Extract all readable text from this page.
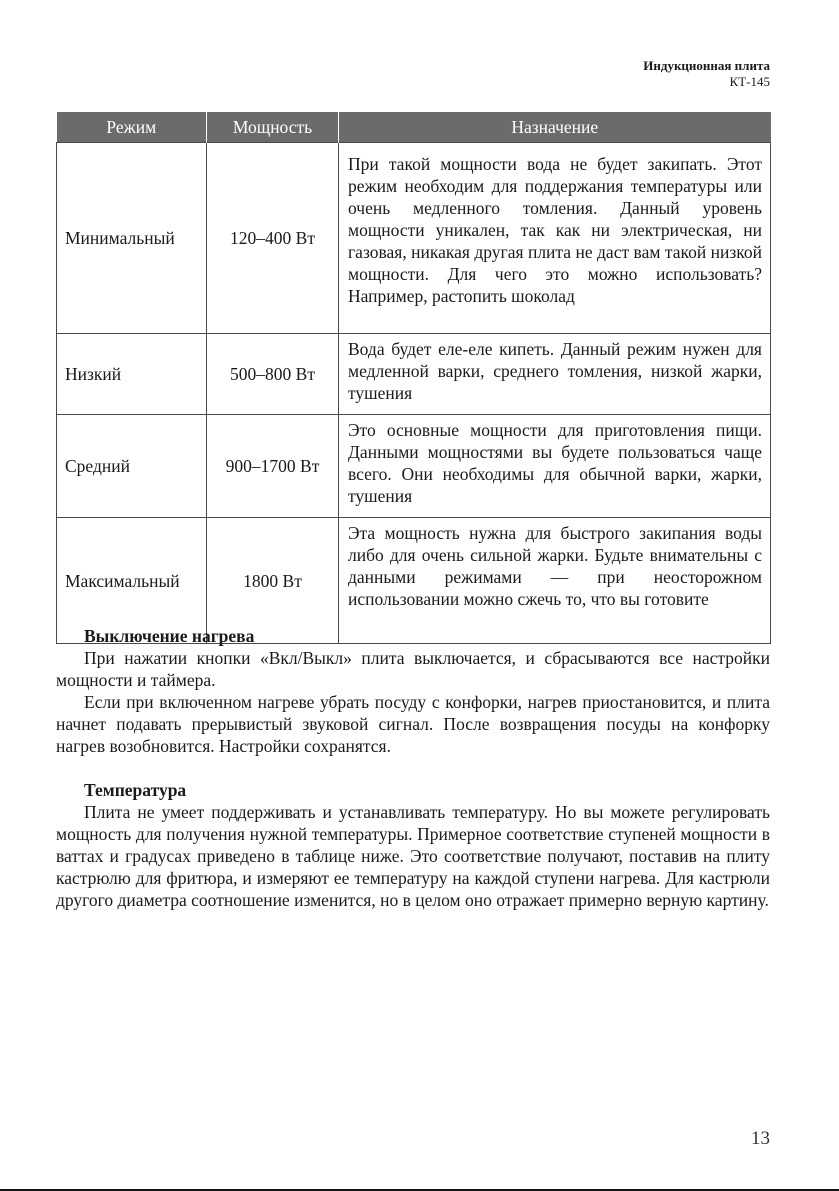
Индукционная плита
КТ-145
Режим	Мощность	Назначение
Минимальный	120–400 Вт	При такой мощности вода не будет закипать. Этот режим необходим для поддержания температуры или очень медленного томления. Данный уровень мощности уникален, так как ни электрическая, ни газовая, никакая другая плита не даст вам такой низкой мощности. Для чего это можно использовать? Например, растопить шоколад
Низкий	500–800 Вт	Вода будет еле-еле кипеть. Данный режим нужен для медленной варки, среднего томления, низкой жарки, тушения
Средний	900–1700 Вт	Это основные мощности для приготовления пищи. Данными мощностями вы будете пользоваться чаще всего. Они необходимы для обычной варки, жарки, тушения
Максимальный	1800 Вт	Эта мощность нужна для быстрого закипания воды либо для очень сильной жарки. Будьте внимательны с данными режимами — при неосторожном использовании можно сжечь то, что вы готовите
Выключение нагрева

При нажатии кнопки «Вкл/Выкл» плита выключается, и сбрасываются все настройки мощности и таймера.

Если при включенном нагреве убрать посуду с конфорки, нагрев приостановится, и плита начнет подавать прерывистый звуковой сигнал. После возвращения посуды на конфорку нагрев возобновится. Настройки сохранятся.

Температура

Плита не умеет поддерживать и устанавливать температуру. Но вы можете регулировать мощность для получения нужной температуры. Примерное соответствие ступеней мощности в ваттах и градусах приведено в таблице ниже. Это соответствие получают, поставив на плиту кастрюлю для фритюра, и измеряют ее температуру на каждой ступени нагрева. Для кастрюли другого диаметра соотношение изменится, но в целом оно отражает примерно верную картину.

13
